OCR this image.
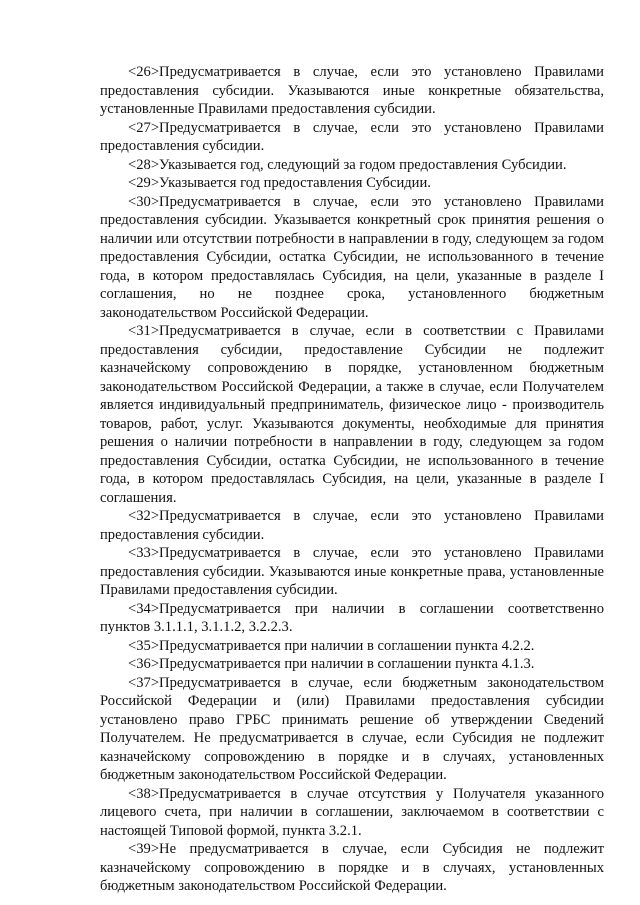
<26>Предусматривается в случае, если это установлено Правилами предоставления субсидии. Указываются иные конкретные обязательства, установленные Правилами предоставления субсидии.

<27>Предусматривается в случае, если это установлено Правилами предоставления субсидии.

<28>Указывается год, следующий за годом предоставления Субсидии.

<29>Указывается год предоставления Субсидии.

<30>Предусматривается в случае, если это установлено Правилами предоставления субсидии. Указывается конкретный срок принятия решения о наличии или отсутствии потребности в направлении в году, следующем за годом предоставления Субсидии, остатка Субсидии, не использованного в течение года, в котором предоставлялась Субсидия, на цели, указанные в разделе I соглашения, но не позднее срока, установленного бюджетным законодательством Российской Федерации.

<31>Предусматривается в случае, если в соответствии с Правилами предоставления субсидии, предоставление Субсидии не подлежит казначейскому сопровождению в порядке, установленном бюджетным законодательством Российской Федерации, а также в случае, если Получателем является индивидуальный предприниматель, физическое лицо - производитель товаров, работ, услуг. Указываются документы, необходимые для принятия решения о наличии потребности в направлении в году, следующем за годом предоставления Субсидии, остатка Субсидии, не использованного в течение года, в котором предоставлялась Субсидия, на цели, указанные в разделе I соглашения.

<32>Предусматривается в случае, если это установлено Правилами предоставления субсидии.

<33>Предусматривается в случае, если это установлено Правилами предоставления субсидии. Указываются иные конкретные права, установленные Правилами предоставления субсидии.

<34>Предусматривается при наличии в соглашении соответственно пунктов 3.1.1.1, 3.1.1.2, 3.2.2.3.

<35>Предусматривается при наличии в соглашении пункта 4.2.2.

<36>Предусматривается при наличии в соглашении пункта 4.1.3.

<37>Предусматривается в случае, если бюджетным законодательством Российской Федерации и (или) Правилами предоставления субсидии установлено право ГРБС принимать решение об утверждении Сведений Получателем. Не предусматривается в случае, если Субсидия не подлежит казначейскому сопровождению в порядке и в случаях, установленных бюджетным законодательством Российской Федерации.

<38>Предусматривается в случае отсутствия у Получателя указанного лицевого счета, при наличии в соглашении, заключаемом в соответствии с настоящей Типовой формой, пункта 3.2.1.

<39>Не предусматривается в случае, если Субсидия не подлежит казначейскому сопровождению в порядке и в случаях, установленных бюджетным законодательством Российской Федерации.
